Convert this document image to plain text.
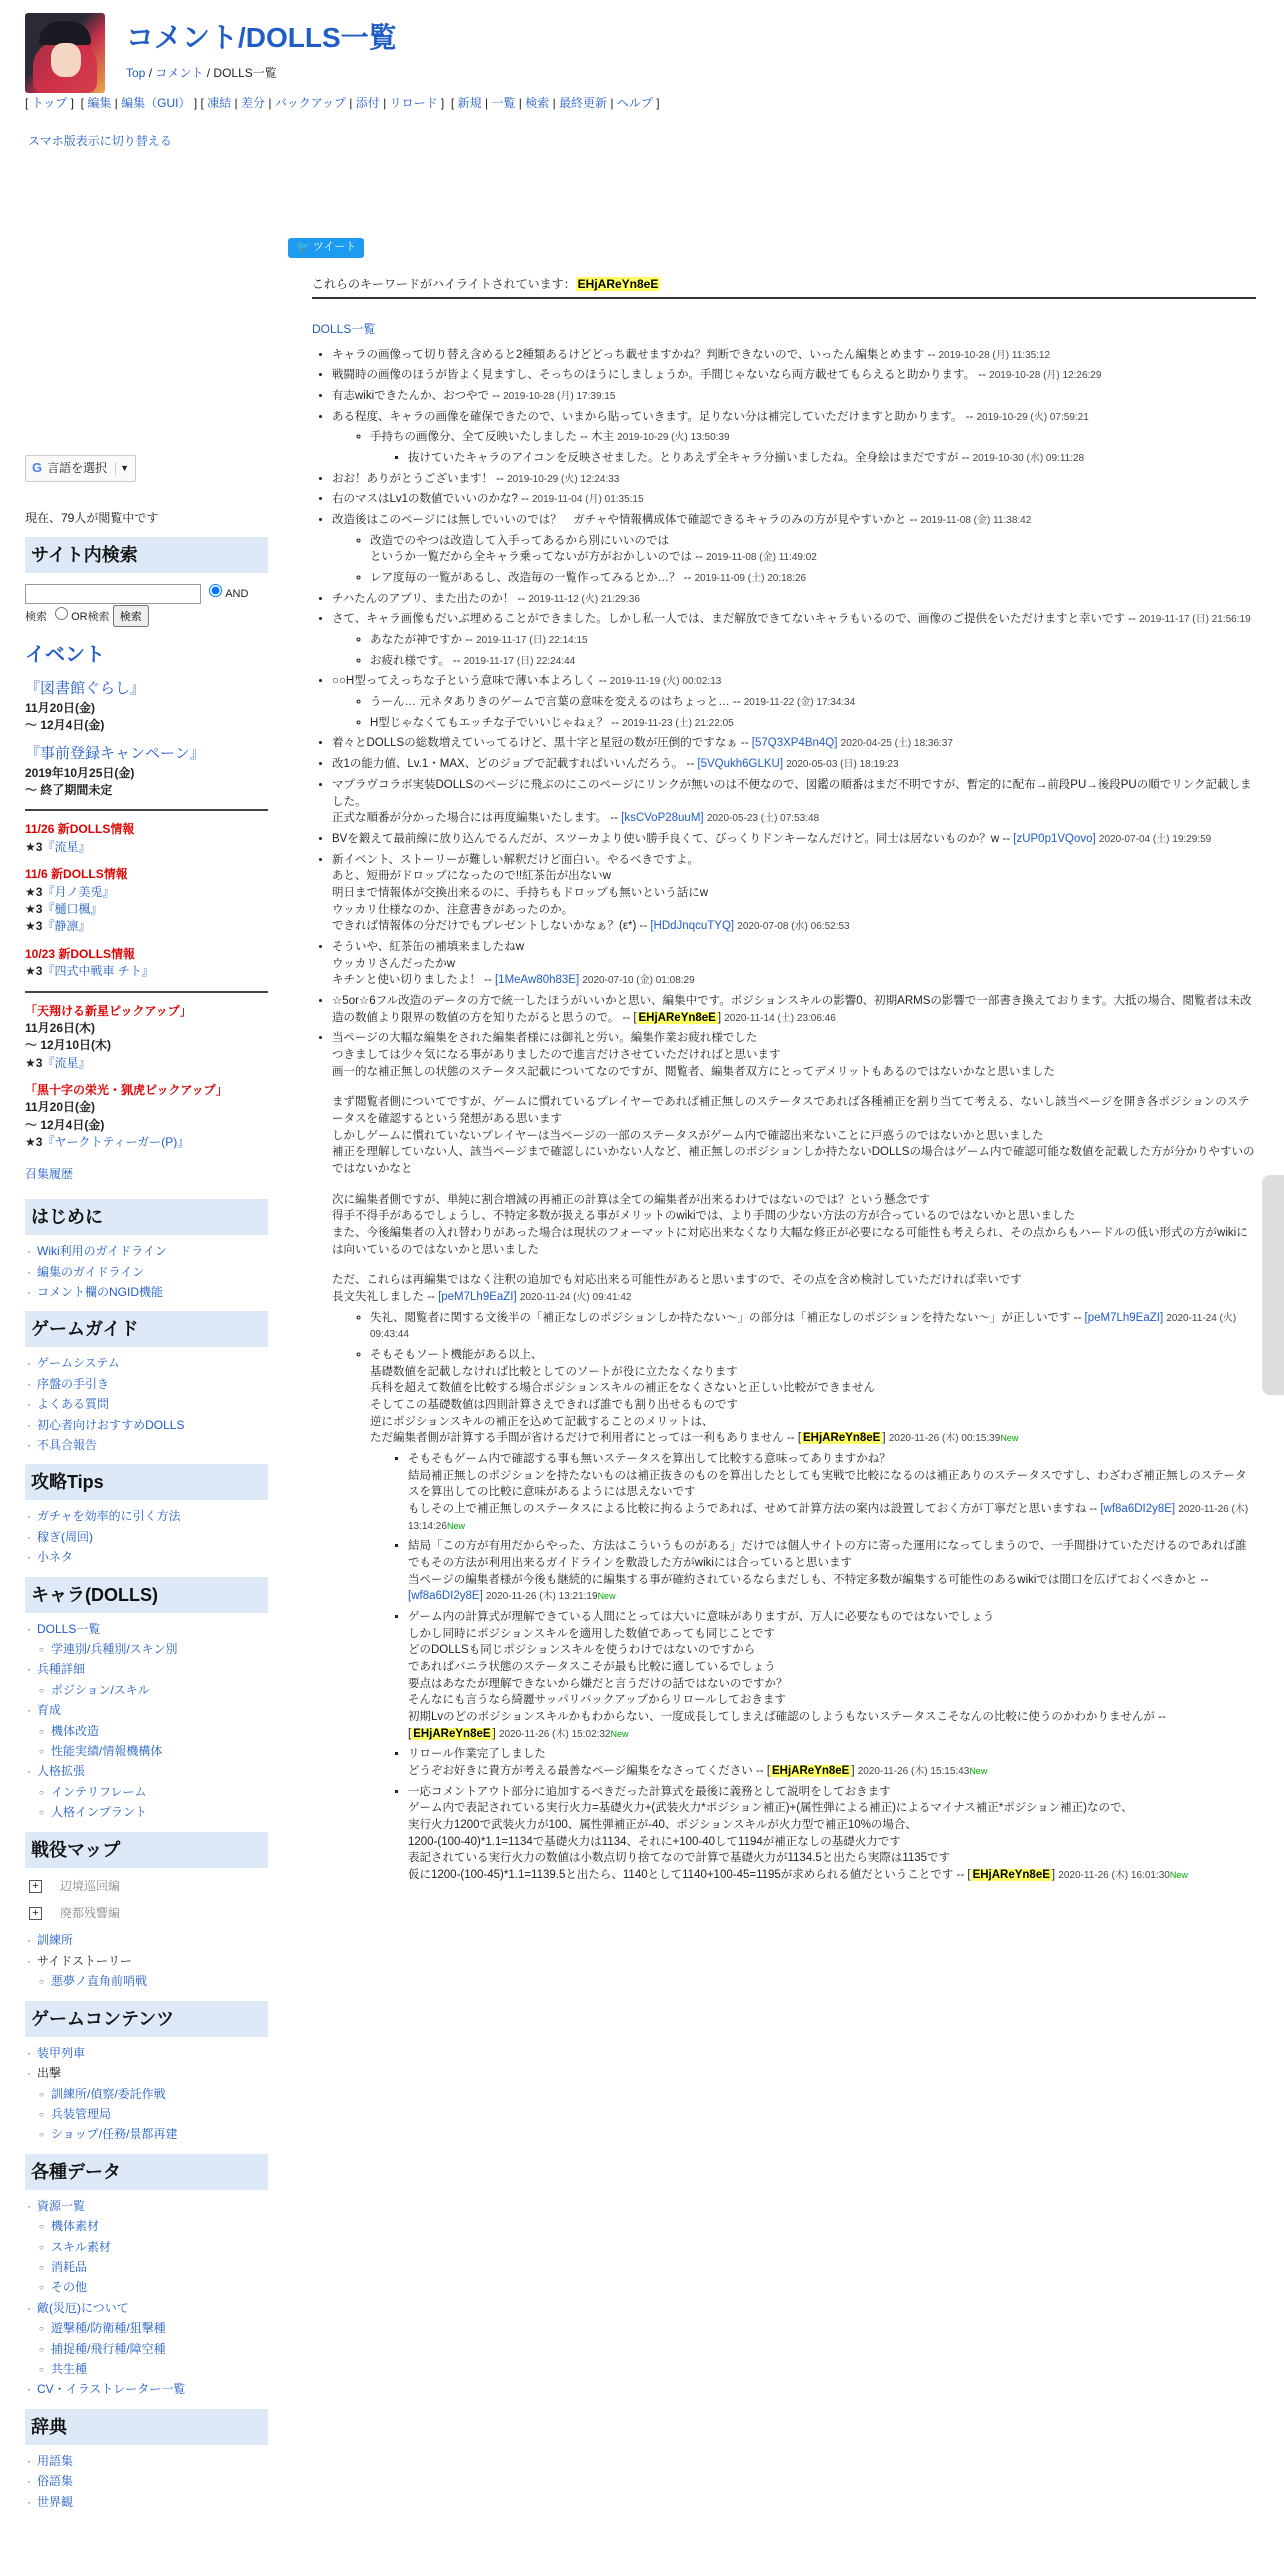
コメント/DOLLS一覧
Top / コメント / DOLLS一覧
[ トップ ]  [ 編集 | 編集（GUI） ] [ 凍結 | 差分 | バックアップ | 添付 | リロード ]  [ 新規 | 一覧 | 検索 | 最終更新 | ヘルプ ]
スマホ版表示に切り替える
G 言語を選択	▼
現在、79人が閲覧中です
サイト内検索
AND
検索 OR検索 検索
イベント
『図書館ぐらし』
11月20日(金)
～ 12月4日(金)
『事前登録キャンペーン』
2019年10月25日(金)
～ 終了期間未定
11/26 新DOLLS情報
★3『流星』
11/6 新DOLLS情報
★3『月ノ美兎』
★3『樋口楓』
★3『静凛』
10/23 新DOLLS情報
★3『四式中戦車 チト』
「天翔ける新星ピックアップ」
11月26日(木)
～ 12月10日(木)
★3『流星』
「黒十字の栄光・猟虎ピックアップ」
11月20日(金)
～ 12月4日(金)
★3『ヤークトティーガー(P)』
召集履歴
はじめに
· Wiki利用のガイドライン
· 編集のガイドライン
· コメント欄のNGID機能
ゲームガイド
· ゲームシステム
· 序盤の手引き
· よくある質問
· 初心者向けおすすめDOLLS
· 不具合報告
攻略Tips
· ガチャを効率的に引く方法
· 稼ぎ(周回)
· 小ネタ
キャラ(DOLLS)
· DOLLS一覧
○ 学連別/兵種別/スキン別
· 兵種詳細
○ ポジション/スキル
· 育成
○ 機体改造
○ 性能実績/情報機構体
· 人格拡張
○ インテリフレーム
○ 人格インプラント
戦役マップ
+ 辺境巡回編
+ 廃都残響編
· 訓練所
· サイドストーリー
○ 悪夢ノ直角前哨戦
ゲームコンテンツ
· 装甲列車
· 出撃
○ 訓練所/偵察/委託作戦
○ 兵装管理局
○ ショップ/任務/景都再建
各種データ
· 資源一覧
○ 機体素材
○ スキル素材
○ 消耗品
○ その他
· 敵(災厄)について
○ 遊撃種/防衛種/狙撃種
○ 捕捉種/飛行種/障空種
○ 共生種
· CV・イラストレーター一覧
辞典
· 用語集
· 俗語集
· 世界観
🐦 ツイート
これらのキーワードがハイライトされています： EHjAReYn8eE
DOLLS一覧
• キャラの画像って切り替え含めると2種類あるけどどっち載せますかね？判断できないので、いったん編集とめます -- 2019-10-28 (月) 11:35:12
• 戦闘時の画像のほうが皆よく見ますし、そっちのほうにしましょうか。手間じゃないなら両方載せてもらえると助かります。 -- 2019-10-28 (月) 12:26:29
• 有志wikiできたんか、おつやで -- 2019-10-28 (月) 17:39:15
• ある程度、キャラの画像を確保できたので、いまから貼っていきます。足りない分は補完していただけますと助かります。 -- 2019-10-29 (火) 07:59:21
◦ 手持ちの画像分、全て反映いたしました -- 木主 2019-10-29 (火) 13:50:39
▪ 抜けていたキャラのアイコンを反映させました。とりあえず全キャラ分揃いましたね。全身絵はまだですが -- 2019-10-30 (水) 09:11:28
• おお！ありがとうございます！ -- 2019-10-29 (火) 12:24:33
• 右のマスはLv1の数値でいいのかな? -- 2019-11-04 (月) 01:35:15
• 改造後はこのページには無しでいいのでは？　ガチャや情報構成体で確認できるキャラのみの方が見やすいかと -- 2019-11-08 (金) 11:38:42
◦ 改造でのやつは改造して入手ってあるから別にいいのでは
というか一覧だから全キャラ乗ってないが方がおかしいのでは -- 2019-11-08 (金) 11:49:02
◦ レア度毎の一覧があるし、改造毎の一覧作ってみるとか…？ -- 2019-11-09 (土) 20:18:26
• チハたんのアプリ、また出たのか！ -- 2019-11-12 (火) 21:29:36
• さて、キャラ画像もだいぶ埋めることができました。しかし私一人では、まだ解放できてないキャラもいるので、画像のご提供をいただけますと幸いです -- 2019-11-17 (日) 21:56:19
◦ あなたが神ですか -- 2019-11-17 (日) 22:14:15
◦ お疲れ様です。 -- 2019-11-17 (日) 22:24:44
• ○○H型ってえっちな子という意味で薄い本よろしく -- 2019-11-19 (火) 00:02:13
◦ うーん… 元ネタありきのゲームで言葉の意味を変えるのはちょっと… -- 2019-11-22 (金) 17:34:34
◦ H型じゃなくてもエッチな子でいいじゃねぇ？ -- 2019-11-23 (土) 21:22:05
• 着々とDOLLSの総数増えていってるけど、黒十字と星冠の数が圧倒的ですなぁ -- [57Q3XP4Bn4Q] 2020-04-25 (土) 18:36:37
• 改1の能力値、Lv.1・MAX、どのジョブで記載すればいいんだろう。 -- [5VQukh6GLKU] 2020-05-03 (日) 18:19:23
• マプラヴコラボ実装DOLLSのページに飛ぶのにこのページにリンクが無いのは不便なので、図鑑の順番はまだ不明ですが、暫定的に配布→前段PU→後段PUの順でリンク記載しました。
正式な順番が分かった場合には再度編集いたします。 -- [ksCVoP28uuM] 2020-05-23 (土) 07:53:48
• BVを鍛えて最前線に放り込んでるんだが、スツーカより使い勝手良くて、びっくりドンキーなんだけど。同士は居ないものか？w -- [zUP0p1VQovo] 2020-07-04 (土) 19:29:59
• 新イベント、ストーリーが難しい解釈だけど面白い。やるべきですよ。
あと、短冊がドロップになったので!!紅茶缶が出ないw
明日まで情報体が交換出来るのに、手持ちもドロップも無いという話にw
ウッカリ仕様なのか、注意書きがあったのか。
できれば情報体の分だけでもプレゼントしないかなぁ？(ε*) -- [HDdJnqcuTYQ] 2020-07-08 (水) 06:52:53
• そういや、紅茶缶の補填来ましたねw
ウッカリさんだったかw
キチンと使い切りましたよ！ -- [1MeAw80h83E] 2020-07-10 (金) 01:08:29
• ☆5or☆6フル改造のデータの方で統一したほうがいいかと思い、編集中です。ポジションスキルの影響0、初期ARMSの影響で一部書き換えております。大抵の場合、閲覧者は未改造の数値より限界の数値の方を知りたがると思うので。 -- [ EHjAReYn8eE ] 2020-11-14 (土) 23:06:46
• 当ページの大幅な編集をされた編集者様には御礼と労い。編集作業お疲れ様でした
つきましては少々気になる事がありましたので進言だけさせていただければと思います
画一的な補正無しの状態のステータス記載についてなのですが、閲覧者、編集者双方にとってデメリットもあるのではないかなと思いました
まず閲覧者側についてですが、ゲームに慣れているプレイヤーであれば補正無しのステータスであれば各種補正を割り当てて考える、ないし該当ページを開き各ポジションのステータスを確認するという発想がある思います
しかしゲームに慣れていないプレイヤーは当ページの一部のステータスがゲーム内で確認出来ないことに戸惑うのではないかと思いました
補正を理解していない人、該当ページまで確認しにいかない人など、補正無しのポジションしか持たないDOLLSの場合はゲーム内で確認可能な数値を記載した方が分かりやすいのではないかなと
次に編集者側ですが、単純に割合増減の再補正の計算は全ての編集者が出来るわけではないのでは？という懸念です
得手不得手があるでしょうし、不特定多数が扱える事がメリットのwikiでは、より手間の少ない方法の方が合っているのではないかと思いました
また、今後編集者の入れ替わりがあった場合は現状のフォーマットに対応出来なくなり大幅な修正が必要になる可能性も考えられ、その点からもハードルの低い形式の方がwikiには向いているのではないかと思いました
ただ、これらは再編集ではなく注釈の追加でも対応出来る可能性があると思いますので、その点を含め検討していただければ幸いです
長文失礼しました -- [peM7Lh9EaZI] 2020-11-24 (火) 09:41:42
◦ 失礼、閲覧者に関する文後半の「補正なしのポジションしか持たない〜」の部分は「補正なしのポジションを持たない〜」が正しいです -- [peM7Lh9EaZI] 2020-11-24 (火) 09:43:44
◦ そもそもソート機能がある以上、
基礎数値を記載しなければ比較としてのソートが役に立たなくなります
兵科を超えて数値を比較する場合ポジションスキルの補正をなくさないと正しい比較ができません
そしてこの基礎数値は四則計算さえできれば誰でも割り出せるものです
逆にポジションスキルの補正を込めて記載することのメリットは、
ただ編集者側が計算する手間が省けるだけで利用者にとっては一利もありません -- [ EHjAReYn8eE ] 2020-11-26 (木) 00:15:39New
▪ そもそもゲーム内で確認する事も無いステータスを算出して比較する意味ってありますかね？
結局補正無しのポジションを持たないものは補正抜きのものを算出したとしても実戦で比較になるのは補正ありのステータスですし、わざわざ補正無しのステータスを算出しての比較に意味があるようには思えないです
もしその上で補正無しのステータスによる比較に拘るようであれば、せめて計算方法の案内は設置しておく方が丁寧だと思いますね -- [wf8a6DI2y8E] 2020-11-26 (木) 13:14:26New
▪ 結局「この方が有用だからやった、方法はこういうものがある」だけでは個人サイトの方に寄った運用になってしまうので、一手間掛けていただけるのであれば誰でもその方法が利用出来るガイドラインを敷設した方がwikiには合っていると思います
当ページの編集者様が今後も継続的に編集する事が確約されているならまだしも、不特定多数が編集する可能性のあるwikiでは間口を広げておくべきかと -- [wf8a6DI2y8E] 2020-11-26 (木) 13:21:19New
▪ ゲーム内の計算式が理解できている人間にとっては大いに意味がありますが、万人に必要なものではないでしょう
しかし同時にポジションスキルを適用した数値であっても同じことです
どのDOLLSも同じポジションスキルを使うわけではないのですから
であればバニラ状態のステータスこそが最も比較に適しているでしょう
要点はあなたが理解できないから嫌だと言うだけの話ではないのですか？
そんなにも言うなら綺麗サッパリバックアップからリロールしておきます
初期Lvのどのポジションスキルかもわからない、一度成長してしまえば確認のしようもないステータスこそなんの比較に使うのかわかりませんが -- [ EHjAReYn8eE ] 2020-11-26 (木) 15:02:32New
▪ リロール作業完了しました
どうぞお好きに貴方が考える最善なページ編集をなさってください -- [ EHjAReYn8eE ] 2020-11-26 (木) 15:15:43New
▪ 一応コメントアウト部分に追加するべきだった計算式を最後に義務として説明をしておきます
ゲーム内で表記されている実行火力=基礎火力+(武装火力*ポジション補正)+(属性弾による補正)によるマイナス補正*ポジション補正)なので、
実行火力1200で武装火力が100、属性弾補正が-40、ポジションスキルが火力型で補正10%の場合、
1200-(100-40)*1.1=1134で基礎火力は1134、それに+100-40して1194が補正なしの基礎火力です
表記されている実行火力の数値は小数点切り捨てなので計算で基礎火力が1134.5と出たら実際は1135です
仮に1200-(100-45)*1.1=1139.5と出たら、1140として1140+100-45=1195が求められる値だということです -- [ EHjAReYn8eE ] 2020-11-26 (木) 16:01:30New
